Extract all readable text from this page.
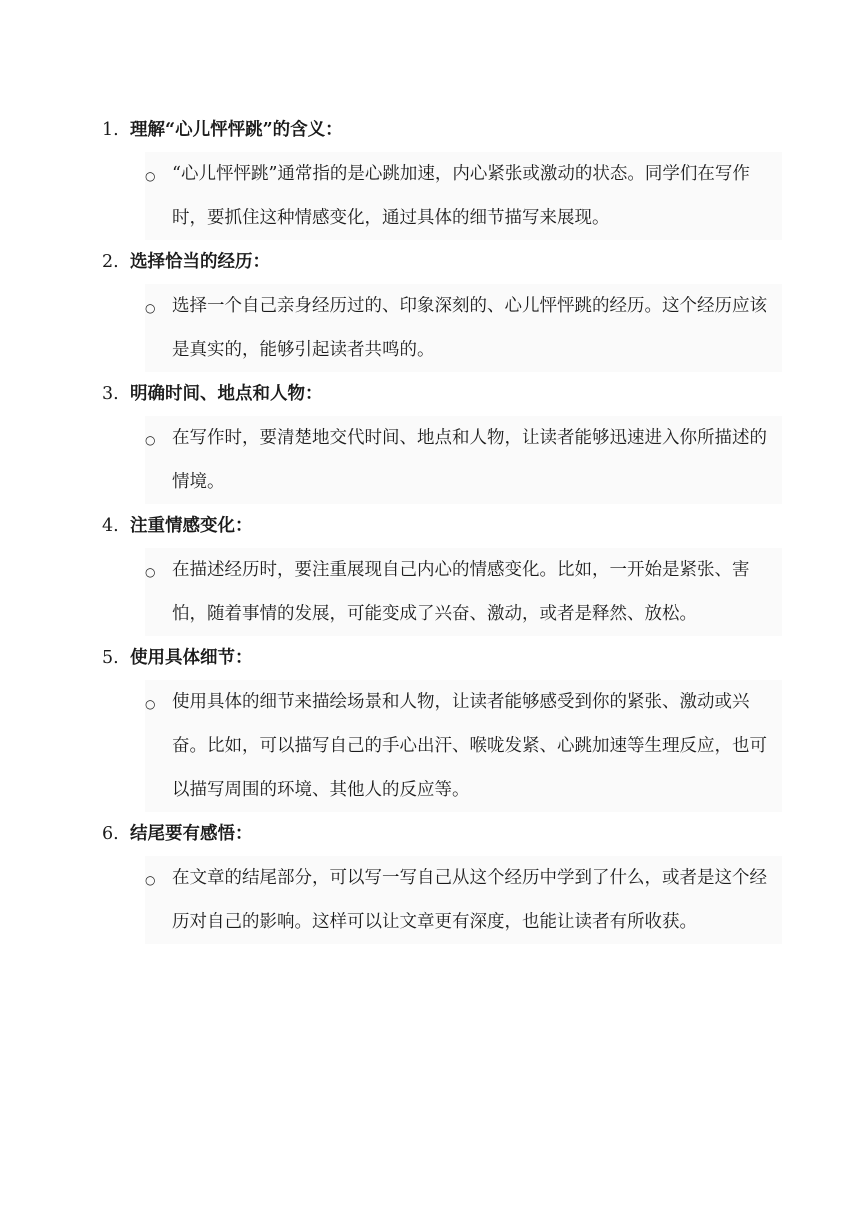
1. 理解“心儿怦怦跳”的含义：
○ “心儿怦怦跳”通常指的是心跳加速，内心紧张或激动的状态。同学们在写作时，要抓住这种情感变化，通过具体的细节描写来展现。
2. 选择恰当的经历：
○ 选择一个自己亲身经历过的、印象深刻的、心儿怦怦跳的经历。这个经历应该是真实的，能够引起读者共鸣的。
3. 明确时间、地点和人物：
○ 在写作时，要清楚地交代时间、地点和人物，让读者能够迅速进入你所描述的情境。
4. 注重情感变化：
○ 在描述经历时，要注重展现自己内心的情感变化。比如，一开始是紧张、害怕，随着事情的发展，可能变成了兴奋、激动，或者是释然、放松。
5. 使用具体细节：
○ 使用具体的细节来描绘场景和人物，让读者能够感受到你的紧张、激动或兴奋。比如，可以描写自己的手心出汗、喉咙发紧、心跳加速等生理反应，也可以描写周围的环境、其他人的反应等。
6. 结尾要有感悟：
○ 在文章的结尾部分，可以写一写自己从这个经历中学到了什么，或者是这个经历对自己的影响。这样可以让文章更有深度，也能让读者有所收获。
